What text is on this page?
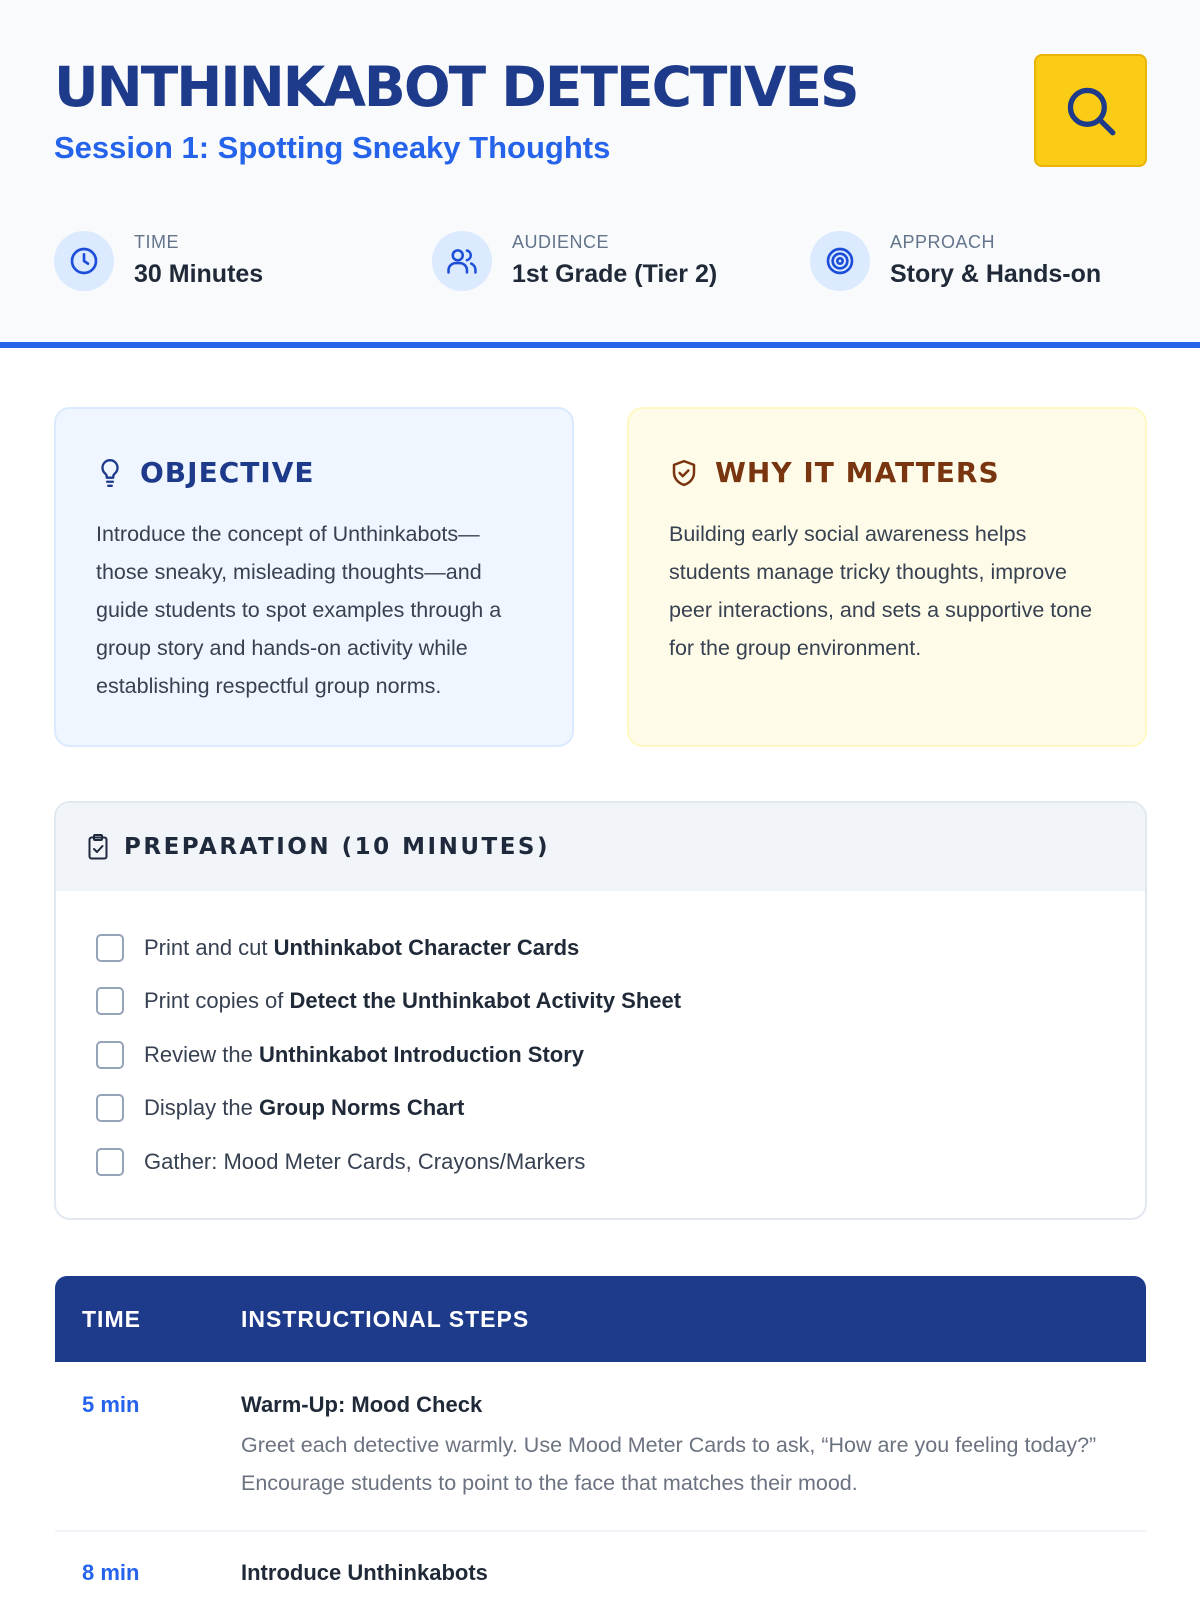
UNTHINKABOT DETECTIVES
Session 1: Spotting Sneaky Thoughts
TIME
30 Minutes
AUDIENCE
1st Grade (Tier 2)
APPROACH
Story & Hands-on
OBJECTIVE

Introduce the concept of Unthinkabots—those sneaky, misleading thoughts—and guide students to spot examples through a group story and hands-on activity while establishing respectful group norms.

WHY IT MATTERS

Building early social awareness helps students manage tricky thoughts, improve peer interactions, and sets a supportive tone for the group environment.

PREPARATION (10 MINUTES)
Print and cut Unthinkabot Character Cards
Print copies of Detect the Unthinkabot Activity Sheet
Review the Unthinkabot Introduction Story
Display the Group Norms Chart
Gather: Mood Meter Cards, Crayons/Markers
TIME	INSTRUCTIONAL STEPS
5 min	Warm-Up: Mood Check
Greet each detective warmly. Use Mood Meter Cards to ask, “How are you feeling today?” Encourage students to point to the face that matches their mood.
8 min	Introduce Unthinkabots
